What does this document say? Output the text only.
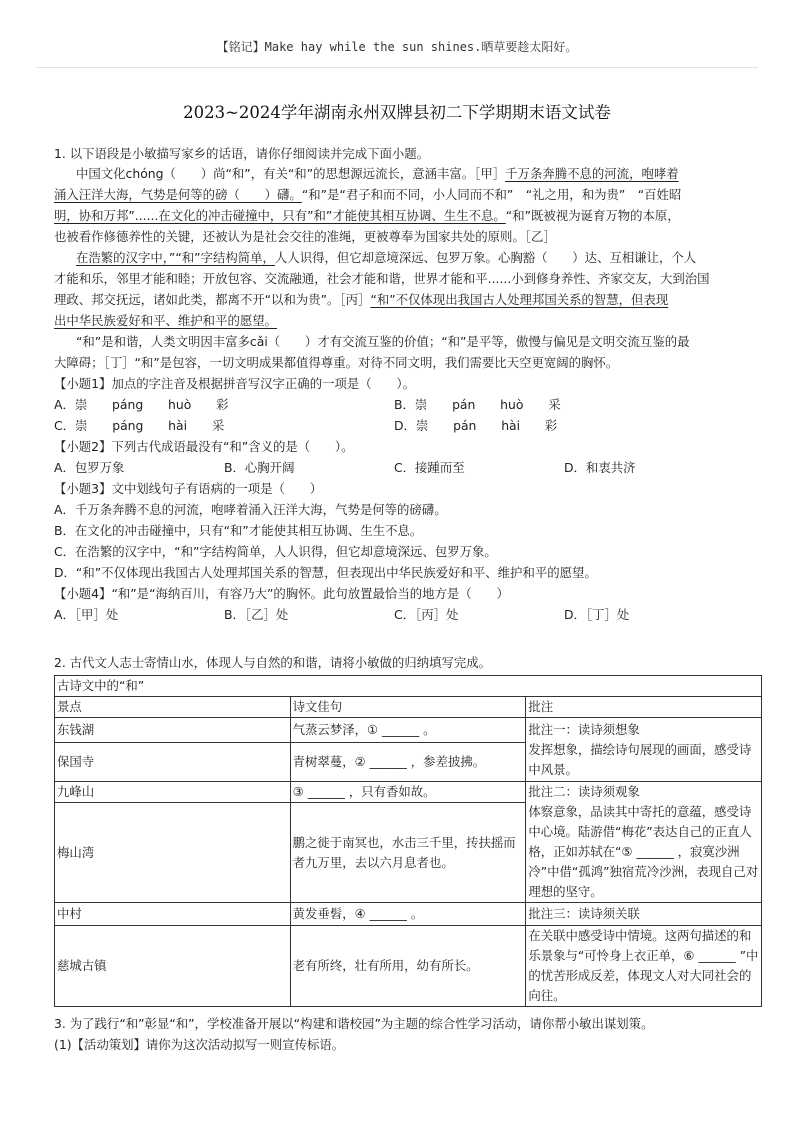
【铭记】Make hay while the sun shines.晒草要趁太阳好。
2023~2024学年湖南永州双牌县初二下学期期末语文试卷
1. 以下语段是小敏描写家乡的话语，请你仔细阅读并完成下面小题。
中国文化chóng（　　）尚“和”，有关“和”的思想源远流长，意涵丰富。［甲］千万条奔腾不息的河流，咆哮着
涌入汪洋大海，气势是何等的磅（　　）礴。“和”是“君子和而不同，小人同而不和”　“礼之用，和为贵”　“百姓昭
明，协和万邦”......在文化的冲击碰撞中，只有”和”才能使其相互协调、生生不息。“和”既被视为诞育万物的本原，
也被看作修德养性的关键，还被认为是社会交往的准绳，更被尊奉为国家共处的原则。［乙］
在浩繁的汉字中，”“和”字结构简单，人人识得，但它却意境深远、包罗万象。心胸豁（　　）达、互相谦让，个人
才能和乐，邻里才能和睦；开放包容、交流融通，社会才能和谐，世界才能和平......小到修身养性、齐家交友，大到治国
理政、邦交抚远，诸如此类，都离不开“以和为贵”。［丙］“和”不仅体现出我国古人处理邦国关系的智慧，但表现
出中华民族爱好和平、维护和平的愿望。
“和”是和谐，人类文明因丰富多cǎi（　　）才有交流互鉴的价值；“和”是平等，傲慢与偏见是文明交流互鉴的最
大障碍；［丁］“和”是包容，一切文明成果都值得尊重。对待不同文明，我们需要比天空更宽阔的胸怀。
【小题1】加点的字注音及根据拼音写汉字正确的一项是（　　）。
A．崇　　páng　　huò　　彩	B．崇　　pán　　huò　　采
C．崇　　páng　　hài　　采	D．崇　　pán　　hài　　彩
【小题2】下列古代成语最没有“和”含义的是（　　）。
A．包罗万象	B．心胸开阔	C．接踵而至	D．和衷共济
【小题3】文中划线句子有语病的一项是（　　）
A．千万条奔腾不息的河流，咆哮着涌入汪洋大海，气势是何等的磅礴。
B．在文化的冲击碰撞中，只有“和”才能使其相互协调、生生不息。
C．在浩繁的汉字中，“和”字结构简单，人人识得，但它却意境深远、包罗万象。
D．“和”不仅体现出我国古人处理邦国关系的智慧，但表现出中华民族爱好和平、维护和平的愿望。
【小题4】“和”是“海纳百川，有容乃大”的胸怀。此句放置最恰当的地方是（　　）
A．［甲］处	B．［乙］处	C．［丙］处	D．［丁］处
2. 古代文人志士寄情山水，体现人与自然的和谐，请将小敏做的归纳填写完成。
古诗文中的“和”		
景点	诗文佳句	批注
东钱湖	气蒸云梦泽，① ______ 。	批注一：读诗须想象
发挥想象，描绘诗句展现的画面，感受诗中风景。
保国寺	青树翠蔓，② ______ ，参差披拂。	
九峰山	③ ______ ，只有香如故。	批注二：读诗须观象
体察意象，品读其中寄托的意蕴，感受诗中心境。陆游借“梅花”表达自己的正直人格，正如苏轼在“⑤ ______ ，寂寞沙洲冷”中借“孤鸿”独宿荒冷沙洲，表现自己对理想的坚守。
梅山湾	鹏之徙于南冥也，水击三千里，抟扶摇而者九万里，去以六月息者也。	
中村	黄发垂髫，④ ______ 。	批注三：读诗须关联
慈城古镇	老有所终，壮有所用，幼有所长。	在关联中感受诗中情境。这两句描述的和乐景象与“可怜身上衣正单，⑥ ______ ”中的忧苦形成反差，体现文人对大同社会的向往。
3. 为了践行“和”彰显“和”，学校准备开展以“构建和谐校园”为主题的综合性学习活动，请你帮小敏出谋划策。
(1)【活动策划】请你为这次活动拟写一则宣传标语。
